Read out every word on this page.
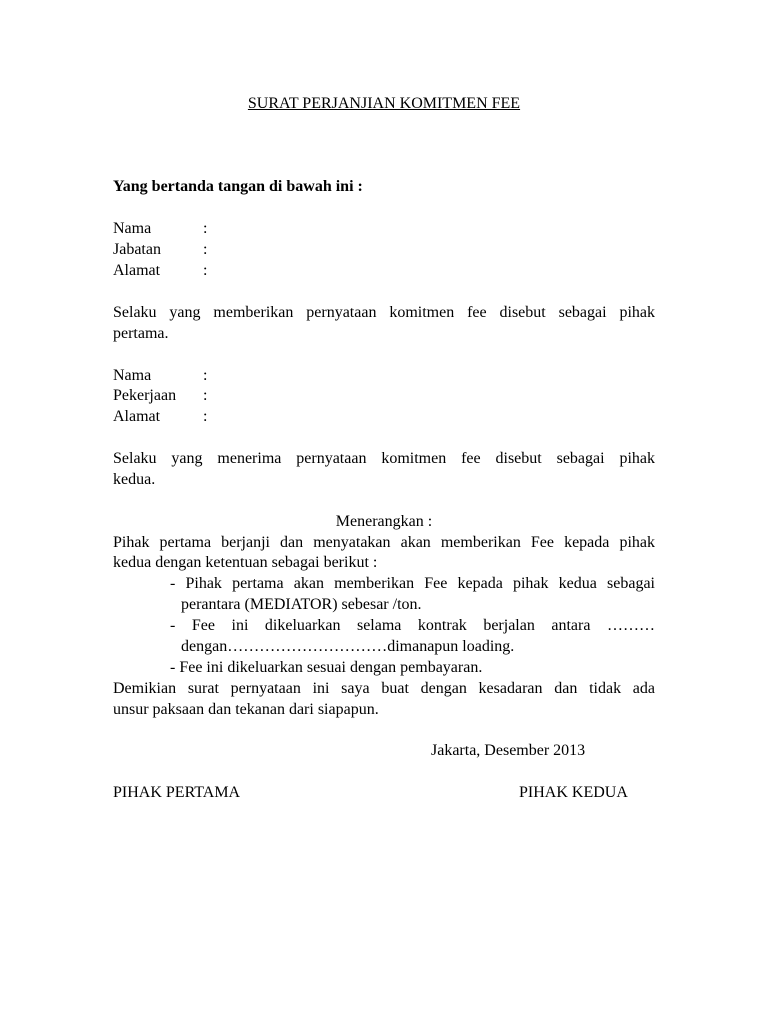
SURAT PERJANJIAN KOMITMEN FEE
Yang bertanda tangan di bawah ini :
Nama	:
Jabatan	:
Alamat	:
Selaku yang memberikan pernyataan komitmen fee disebut sebagai pihak
pertama.
Nama	:
Pekerjaan :
Alamat	:
Selaku yang menerima pernyataan komitmen fee disebut sebagai pihak
kedua.
Menerangkan :
Pihak pertama berjanji dan menyatakan akan memberikan Fee kepada pihak
kedua dengan ketentuan sebagai berikut :
- Pihak pertama akan memberikan Fee kepada pihak kedua sebagai
perantara (MEDIATOR) sebesar /ton.
- Fee ini dikeluarkan selama kontrak berjalan antara ………
dengan…………………………dimanapun loading.
- Fee ini dikeluarkan sesuai dengan pembayaran.
Demikian surat pernyataan ini saya buat dengan kesadaran dan tidak ada
unsur paksaan dan tekanan dari siapapun.
Jakarta, Desember 2013
PIHAK PERTAMA	PIHAK KEDUA
